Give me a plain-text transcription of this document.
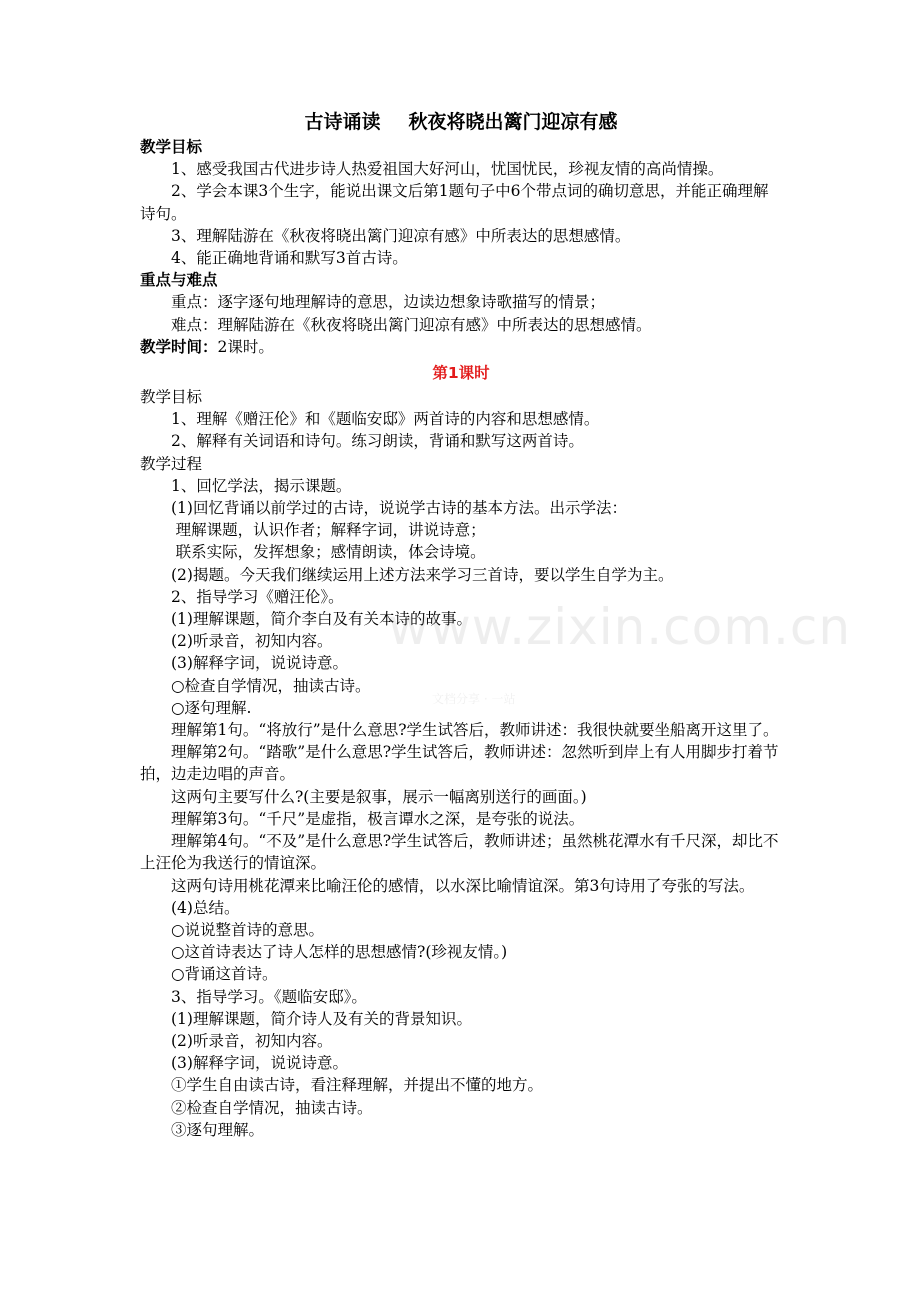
古诗诵读 秋夜将晓出篱门迎凉有感
教学目标
1、感受我国古代进步诗人热爱祖国大好河山，忧国忧民，珍视友情的高尚情操。
2、学会本课3个生字，能说出课文后第1题句子中6个带点词的确切意思，并能正确理解诗句。
3、理解陆游在《秋夜将晓出篱门迎凉有感》中所表达的思想感情。
4、能正确地背诵和默写3首古诗。
重点与难点
重点：逐字逐句地理解诗的意思，边读边想象诗歌描写的情景；
难点：理解陆游在《秋夜将晓出篱门迎凉有感》中所表达的思想感情。
教学时间：2课时。
第1课时
教学目标
1、理解《赠汪伦》和《题临安邸》两首诗的内容和思想感情。
2、解释有关词语和诗句。练习朗读，背诵和默写这两首诗。
教学过程
1、回忆学法，揭示课题。
(1)回忆背诵以前学过的古诗，说说学古诗的基本方法。出示学法：
理解课题，认识作者；解释字词，讲说诗意；
联系实际，发挥想象；感情朗读，体会诗境。
(2)揭题。今天我们继续运用上述方法来学习三首诗，要以学生自学为主。
2、指导学习《赠汪伦》。
(1)理解课题，简介李白及有关本诗的故事。
(2)听录音，初知内容。
(3)解释字词，说说诗意。
○检查自学情况，抽读古诗。
○逐句理解.
理解第1句。“将放行”是什么意思?学生试答后，教师讲述：我很快就要坐船离开这里了。
理解第2句。“踏歌”是什么意思?学生试答后，教师讲述：忽然听到岸上有人用脚步打着节拍，边走边唱的声音。
这两句主要写什么?(主要是叙事，展示一幅离别送行的画面。)
理解第3句。“千尺”是虚指，极言谭水之深，是夸张的说法。
理解第4句。“不及”是什么意思?学生试答后，教师讲述；虽然桃花潭水有千尺深，却比不上汪伦为我送行的情谊深。
这两句诗用桃花潭来比喻汪伦的感情，以水深比喻情谊深。第3句诗用了夸张的写法。
(4)总结。
○说说整首诗的意思。
○这首诗表达了诗人怎样的思想感情?(珍视友情。)
○背诵这首诗。
3、指导学习。《题临安邸》。
(1)理解课题，简介诗人及有关的背景知识。
(2)听录音，初知内容。
(3)解释字词，说说诗意。
①学生自由读古诗，看注释理解，并提出不懂的地方。
②检查自学情况，抽读古诗。
③逐句理解。
www.zixin.com.cn
文档分享 · 一站
